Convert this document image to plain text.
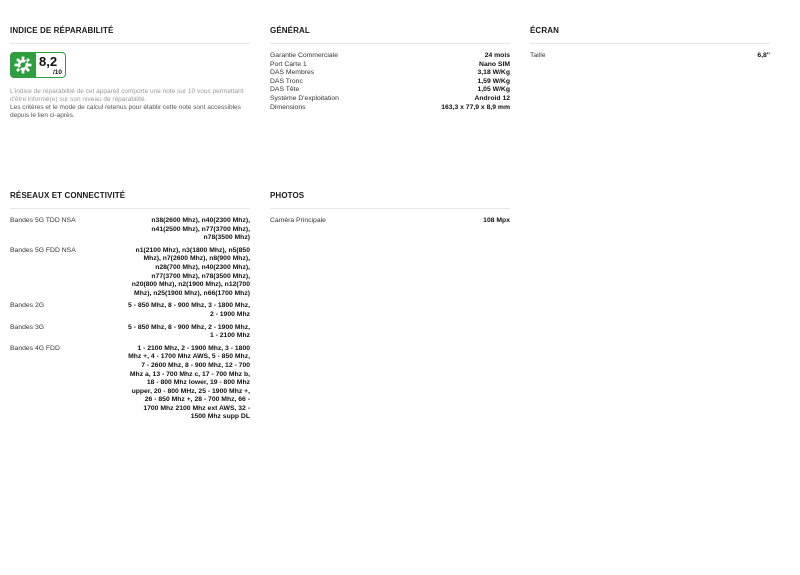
INDICE DE RÉPARABILITÉ
8,2
/10
L'indice de réparabilité de cet appareil comporte une note sur 10 vous permettant d'être informé(e) sur son niveau de réparabilité.
Les critères et le mode de calcul retenus pour établir cette note sont accessibles depuis le lien ci-après.
GÉNÉRAL
Garantie Commerciale	24 mois
Port Carte 1	Nano SIM
DAS Membres	3,18 W/Kg
DAS Tronc	1,59 W/Kg
DAS Tête	1,05 W/Kg
Système D'exploitation	Android 12
Dimensions	163,3 x 77,9 x 8,9 mm
ÉCRAN
Taille	6,8''
RÉSEAUX ET CONNECTIVITÉ
Bandes 5G TDD NSA	n38(2600 Mhz), n40(2300 Mhz), n41(2500 Mhz), n77(3700 Mhz), n78(3500 Mhz)
Bandes 5G FDD NSA	n1(2100 Mhz), n3(1800 Mhz), n5(850 Mhz), n7(2600 Mhz), n8(900 Mhz), n28(700 Mhz), n40(2300 Mhz), n77(3700 Mhz), n78(3500 Mhz), n20(800 Mhz), n2(1900 Mhz), n12(700 Mhz), n25(1900 Mhz), n66(1700 Mhz)
Bandes 2G	5 - 850 Mhz, 8 - 900 Mhz, 3 - 1800 Mhz, 2 - 1900 Mhz
Bandes 3G	5 - 850 Mhz, 8 - 900 Mhz, 2 - 1900 Mhz, 1 - 2100 Mhz
Bandes 4G FDD	1 - 2100 Mhz, 2 - 1900 Mhz, 3 - 1800 Mhz +, 4 - 1700 Mhz AWS, 5 - 850 Mhz, 7 - 2600 Mhz, 8 - 900 Mhz, 12 - 700 Mhz a, 13 - 700 Mhz c, 17 - 700 Mhz b, 18 - 800 Mhz lower, 19 - 800 Mhz upper, 20 - 800 MHz, 25 - 1900 Mhz +, 26 - 850 Mhz +, 28 - 700 Mhz, 66 - 1700 Mhz 2100 Mhz ext AWS, 32 - 1500 Mhz supp DL
PHOTOS
Caméra Principale	108 Mpx
